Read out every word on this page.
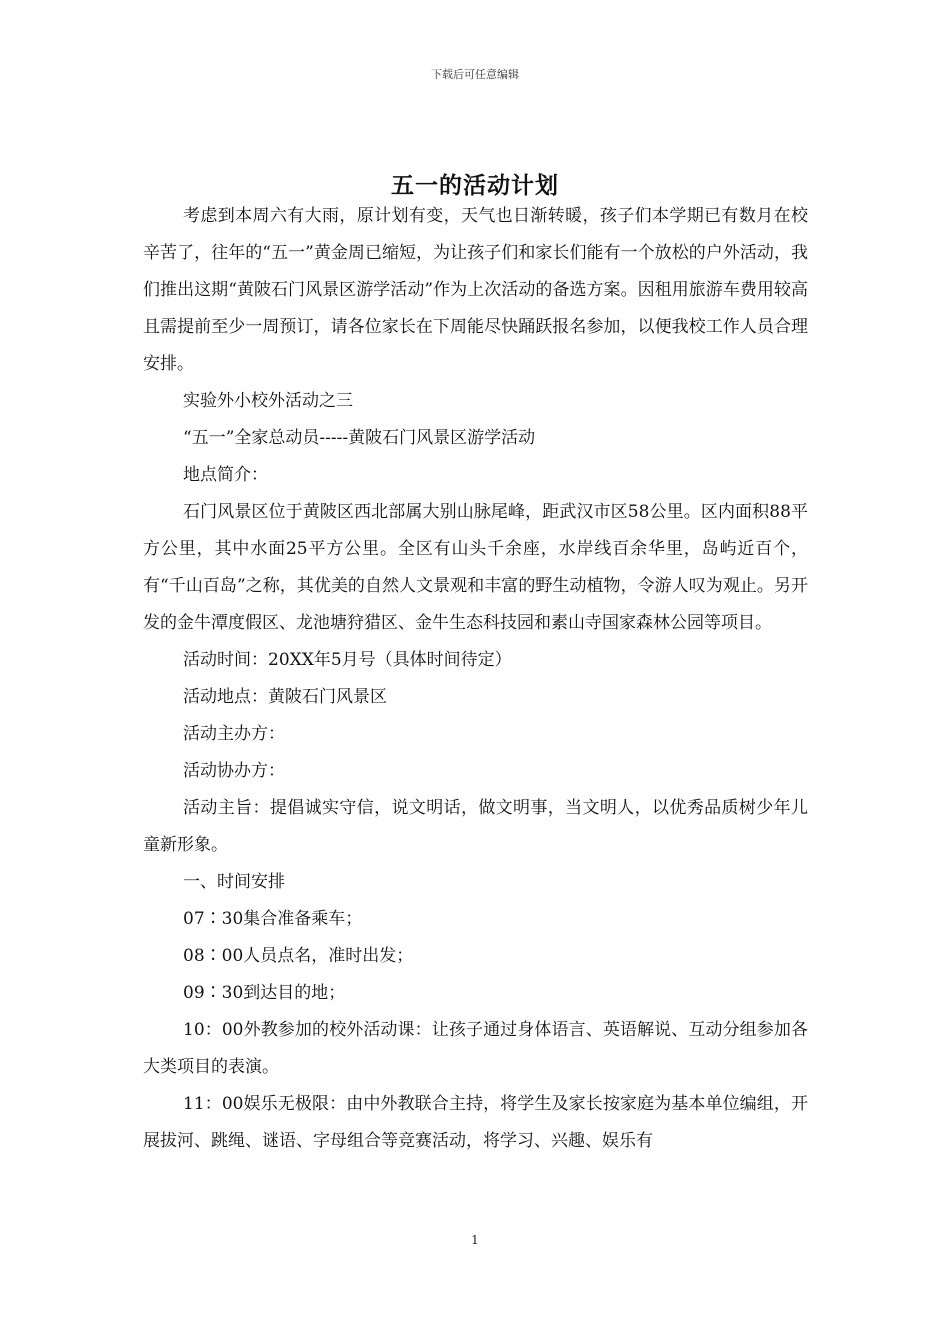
下载后可任意编辑
五一的活动计划

考虑到本周六有大雨，原计划有变，天气也日渐转暖，孩子们本学期已有数月在校辛苦了，往年的“五一”黄金周已缩短，为让孩子们和家长们能有一个放松的户外活动，我们推出这期“黄陂石门风景区游学活动”作为上次活动的备选方案。因租用旅游车费用较高且需提前至少一周预订，请各位家长在下周能尽快踊跃报名参加，以便我校工作人员合理安排。

实验外小校外活动之三

“五一”全家总动员-----黄陂石门风景区游学活动

地点简介：

石门风景区位于黄陂区西北部属大别山脉尾峰，距武汉市区58公里。区内面积88平方公里，其中水面25平方公里。全区有山头千余座，水岸线百余华里，岛屿近百个，有“千山百岛”之称，其优美的自然人文景观和丰富的野生动植物，令游人叹为观止。另开发的金牛潭度假区、龙池塘狩猎区、金牛生态科技园和素山寺国家森林公园等项目。

活动时间：20XX年5月号（具体时间待定）

活动地点：黄陂石门风景区

活动主办方：

活动协办方：

活动主旨：提倡诚实守信，说文明话，做文明事，当文明人，以优秀品质树少年儿童新形象。

一、时间安排

07∶30集合准备乘车；

08∶00人员点名，准时出发；

09∶30到达目的地；

10：00外教参加的校外活动课：让孩子通过身体语言、英语解说、互动分组参加各大类项目的表演。

11：00娱乐无极限：由中外教联合主持，将学生及家长按家庭为基本单位编组，开展拔河、跳绳、谜语、字母组合等竞赛活动，将学习、兴趣、娱乐有

1
